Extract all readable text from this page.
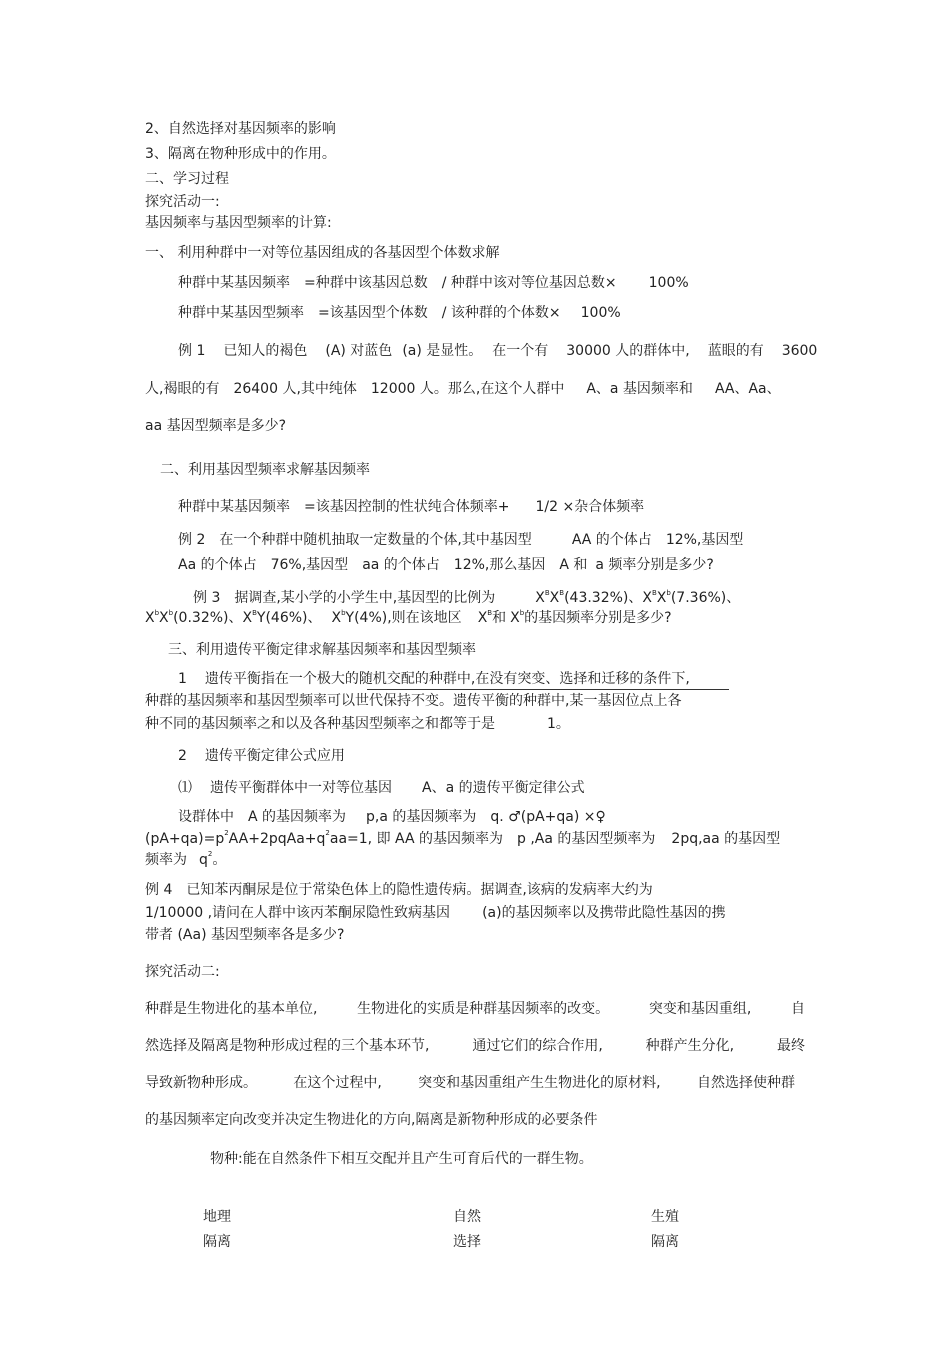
2、自然选择对基因频率的影响
3、隔离在物种形成中的作用。
二、学习过程
探究活动一:
基因频率与基因型频率的计算:
一、 利用种群中一对等位基因组成的各基因型个体数求解
种群中某基因频率 =种群中该基因总数 / 种群中该对等位基因总数× 100%
种群中某基因型频率 =该基因型个体数 / 该种群的个体数× 100%
例 1 已知人的褐色 (A) 对蓝色 (a) 是显性。 在一个有 30000 人的群体中, 蓝眼的有 3600
人,褐眼的有 26400 人,其中纯体 12000 人。那么,在这个人群中 A、a 基因频率和 AA、Aa、
aa 基因型频率是多少?
二、利用基因型频率求解基因频率
种群中某基因频率 =该基因控制的性状纯合体频率+ 1/2 ×杂合体频率
例 2 在一个种群中随机抽取一定数量的个体,其中基因型	AA 的个体占 12%,基因型
Aa 的个体占 76%,基因型 aa 的个体占 12%,那么基因 A 和 a 频率分别是多少?
例 3 据调查,某小学的小学生中,基因型的比例为	$X^BX^B(43.32\%)$、$X^BX^b(7.36\%)$、
$X^bX^b(0.32\%)$、$X^BY(46\%)$、 $X^bY(4\%)$,则在该地区 $X^B$和 $X^b$的基因频率分别是多少?
三、利用遗传平衡定律求解基因频率和基因型频率
1 遗传平衡指在一个极大的随机交配的种群中,在没有突变、选择和迁移的条件下,
种群的基因频率和基因型频率可以世代保持不变。遗传平衡的种群中,某一基因位点上各
种不同的基因频率之和以及各种基因型频率之和都等于是	1。
2 遗传平衡定律公式应用
⑴ 遗传平衡群体中一对等位基因 A、a 的遗传平衡定律公式
设群体中 A 的基因频率为 p,a 的基因频率为 q. ♂(pA+qa) ×♀
$(pA+qa)=p^2AA+2pqAa+q^2aa=1$, 即 AA 的基因频率为 p ,Aa 的基因型频率为 2pq,aa 的基因型
频率为 $q^2$。
例 4 已知苯丙酮尿是位于常染色体上的隐性遗传病。据调查,该病的发病率大约为
1/10000 ,请问在人群中该丙苯酮尿隐性致病基因 (a)的基因频率以及携带此隐性基因的携
带者 (Aa) 基因型频率各是多少?
探究活动二:
种群是生物进化的基本单位,	生物进化的实质是种群基因频率的改变。	突变和基因重组,	自
然选择及隔离是物种形成过程的三个基本环节,	通过它们的综合作用,	种群产生分化,	最终
导致新物种形成。	在这个过程中,	突变和基因重组产生生物进化的原材料,	自然选择使种群
的基因频率定向改变并决定生物进化的方向,隔离是新物种形成的必要条件
物种:能在自然条件下相互交配并且产生可育后代的一群生物。
地理
隔离
自然
选择
生殖
隔离
